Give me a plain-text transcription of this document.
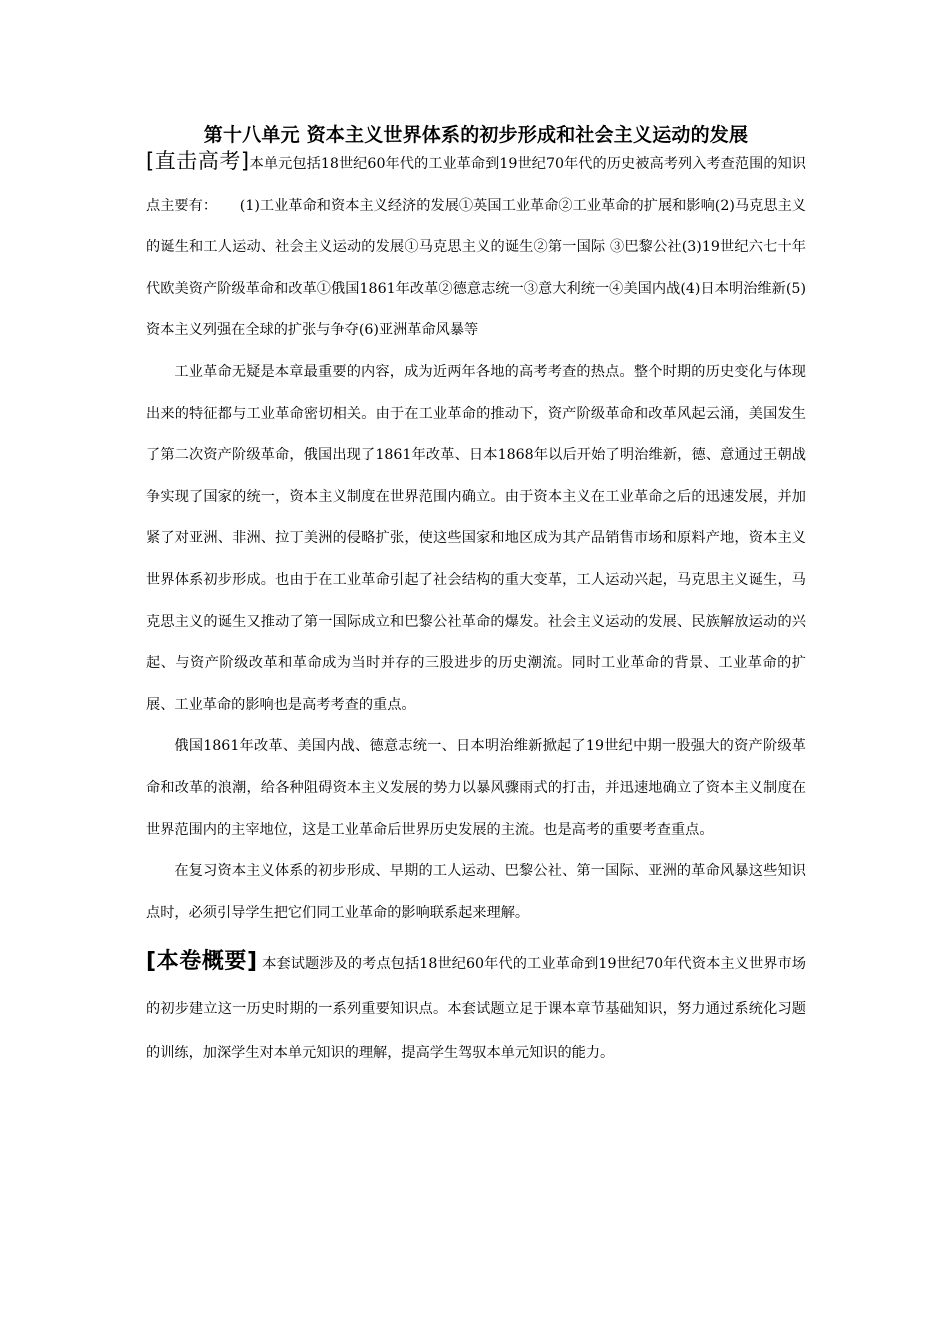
第十八单元 资本主义世界体系的初步形成和社会主义运动的发展

[直击高考]本单元包括18世纪60年代的工业革命到19世纪70年代的历史被高考列入考查范围的知识点主要有： (1)工业革命和资本主义经济的发展①英国工业革命②工业革命的扩展和影响(2)马克思主义的诞生和工人运动、社会主义运动的发展①马克思主义的诞生②第一国际 ③巴黎公社(3)19世纪六七十年代欧美资产阶级革命和改革①俄国1861年改革②德意志统一③意大利统一④美国内战(4)日本明治维新(5)资本主义列强在全球的扩张与争夺(6)亚洲革命风暴等

工业革命无疑是本章最重要的内容，成为近两年各地的高考考查的热点。整个时期的历史变化与体现出来的特征都与工业革命密切相关。由于在工业革命的推动下，资产阶级革命和改革风起云涌，美国发生了第二次资产阶级革命，俄国出现了1861年改革、日本1868年以后开始了明治维新，德、意通过王朝战争实现了国家的统一，资本主义制度在世界范围内确立。由于资本主义在工业革命之后的迅速发展，并加紧了对亚洲、非洲、拉丁美洲的侵略扩张，使这些国家和地区成为其产品销售市场和原料产地，资本主义世界体系初步形成。也由于在工业革命引起了社会结构的重大变革，工人运动兴起，马克思主义诞生，马克思主义的诞生又推动了第一国际成立和巴黎公社革命的爆发。社会主义运动的发展、民族解放运动的兴起、与资产阶级改革和革命成为当时并存的三股进步的历史潮流。同时工业革命的背景、工业革命的扩展、工业革命的影响也是高考考查的重点。

俄国1861年改革、美国内战、德意志统一、日本明治维新掀起了19世纪中期一股强大的资产阶级革命和改革的浪潮，给各种阻碍资本主义发展的势力以暴风骤雨式的打击，并迅速地确立了资本主义制度在世界范围内的主宰地位，这是工业革命后世界历史发展的主流。也是高考的重要考查重点。

在复习资本主义体系的初步形成、早期的工人运动、巴黎公社、第一国际、亚洲的革命风暴这些知识点时，必须引导学生把它们同工业革命的影响联系起来理解。

[本卷概要] 本套试题涉及的考点包括18世纪60年代的工业革命到19世纪70年代资本主义世界市场的初步建立这一历史时期的一系列重要知识点。本套试题立足于课本章节基础知识，努力通过系统化习题的训练，加深学生对本单元知识的理解，提高学生驾驭本单元知识的能力。
